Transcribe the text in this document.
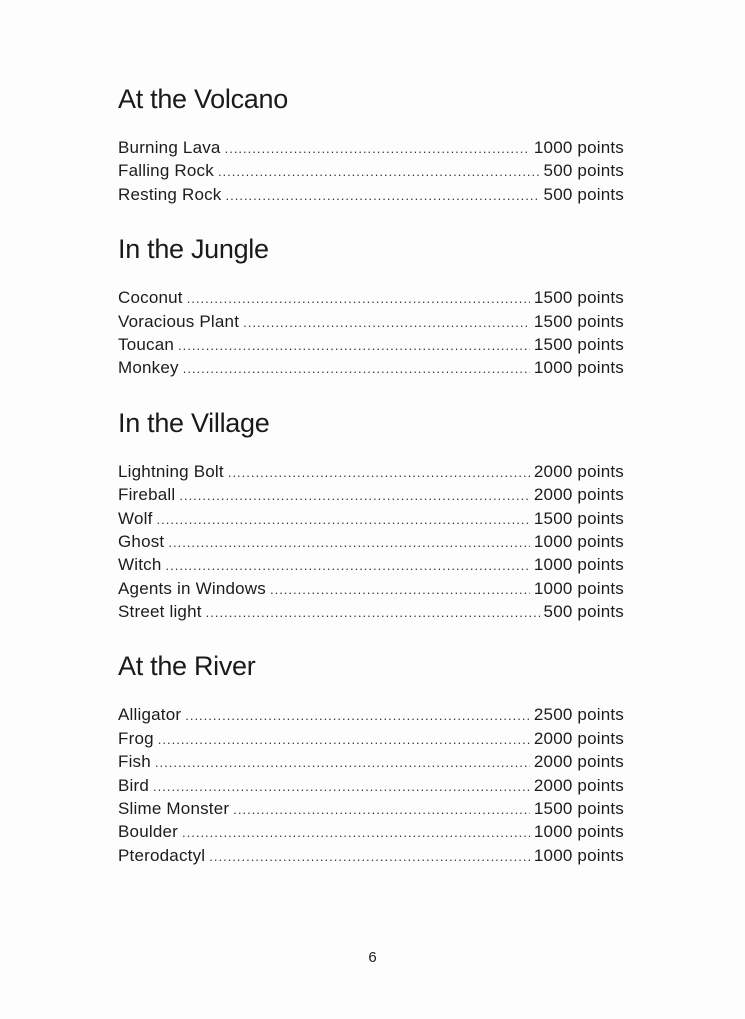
At the Volcano
Burning Lava .....	1000 points
Falling Rock .....	500 points
Resting Rock .....	500 points
In the Jungle
Coconut .....	1500 points
Voracious Plant .....	1500 points
Toucan .....	1500 points
Monkey .....	1000 points
In the Village
Lightning Bolt .....	2000 points
Fireball .....	2000 points
Wolf .....	1500 points
Ghost .....	1000 points
Witch .....	1000 points
Agents in Windows .....	1000 points
Street light .....	500 points
At the River
Alligator .....	2500 points
Frog .....	2000 points
Fish .....	2000 points
Bird .....	2000 points
Slime Monster .....	1500 points
Boulder .....	1000 points
Pterodactyl .....	1000 points
6
